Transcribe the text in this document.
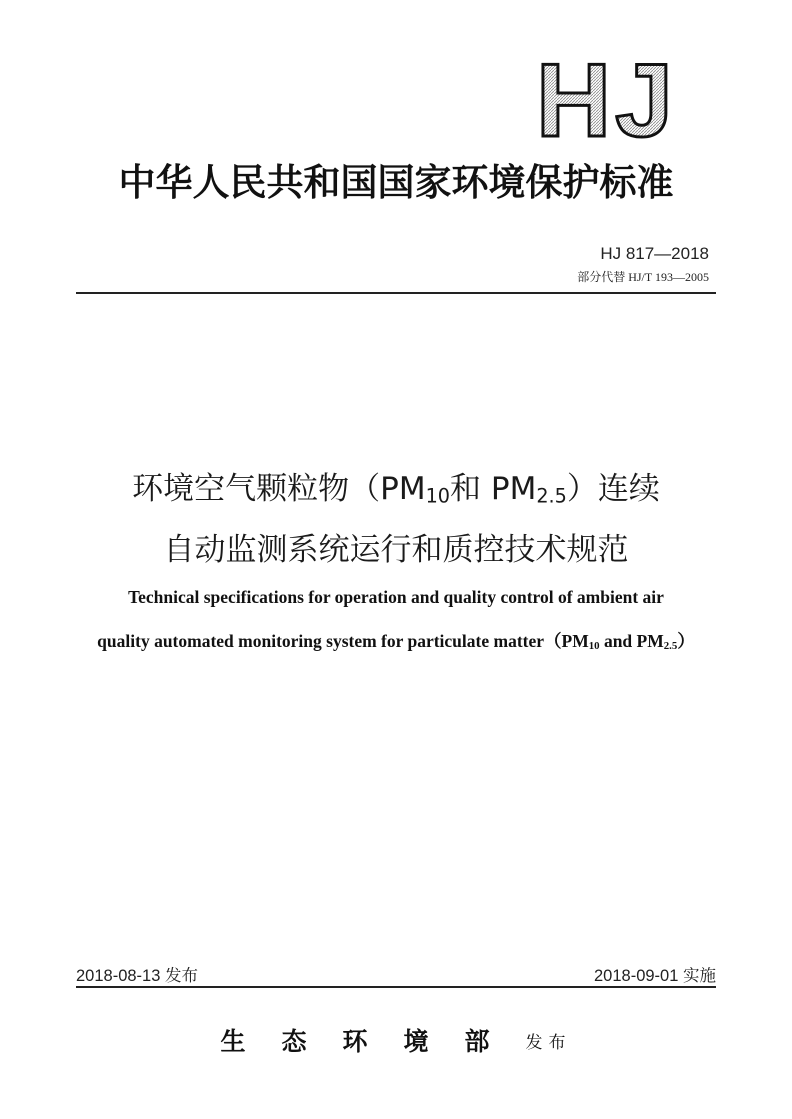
HJ
中华人民共和国国家环境保护标准
HJ 817—2018
部分代替 HJ/T 193—2005
环境空气颗粒物（$PM_{10}$和 $PM_{2.5}$）连续
自动监测系统运行和质控技术规范
Technical specifications for operation and quality control of ambient air
quality automated monitoring system for particulate $matter(PM_{10}$ and $PM_{2.5}$）
2018-08-13 发布	2018-09-01 实施
生态环境部发布
